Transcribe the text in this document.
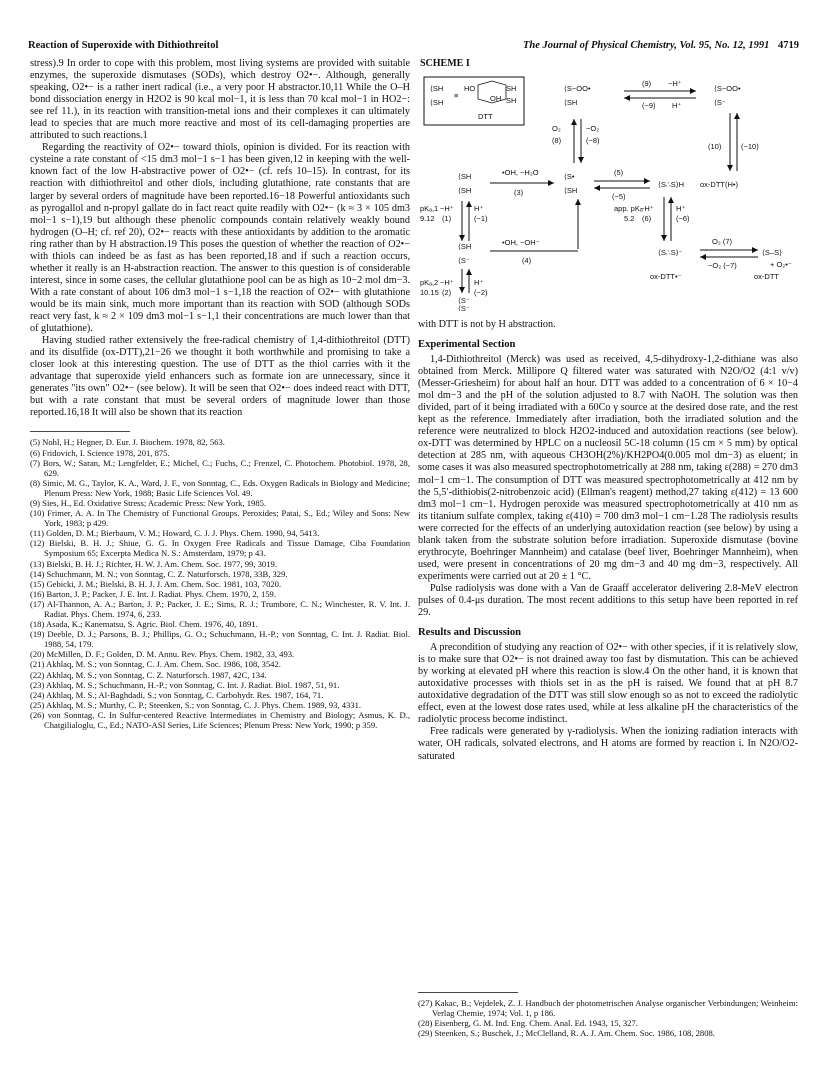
Reaction of Superoxide with Dithiothreitol	The Journal of Physical Chemistry, Vol. 95, No. 12, 1991 4719

stress).9 In order to cope with this problem, most living systems are provided with suitable enzymes, the superoxide dismutases (SODs), which destroy O2•−. Although, generally speaking, O2•− is a rather inert radical (i.e., a very poor H abstractor.10,11 While the O–H bond dissociation energy in H2O2 is 90 kcal mol−1, it is less than 70 kcal mol−1 in HO2−: see ref 11.), in its reaction with transition-metal ions and their complexes it can ultimately lead to species that are much more reactive and most of its cell-damaging properties are attributed to such reactions.1

Regarding the reactivity of O2•− toward thiols, opinion is divided. For its reaction with cysteine a rate constant of <15 dm3 mol−1 s−1 has been given,12 in keeping with the well-known fact of the low H-abstractive power of O2•− (cf. refs 10–15). In contrast, for its reaction with dithiothreitol and other diols, including glutathione, rate constants that are larger by several orders of magnitude have been reported.16−18 Powerful antioxidants such as pyrogallol and n-propyl gallate do in fact react quite readily with O2•− (k ≈ 3 × 105 dm3 mol−1 s−1),19 but although these phenolic compounds contain relatively weakly bound hydrogen (O–H; cf. ref 20), O2•− reacts with these antioxidants by addition to the aromatic ring rather than by H abstraction.19 This poses the question of whether the reaction of O2•− with thiols can indeed be as fast as has been reported,18 and if such a reaction occurs, whether it really is an H-abstraction reaction. The answer to this question is of considerable interest, since in some cases, the cellular glutathione pool can be as high as 10−2 mol dm−3. With a rate constant of about 106 dm3 mol−1 s−1,18 the reaction of O2•− with glutathione would be its main sink, much more important than its reaction with SOD (although SODs react very fast, k ≈ 2 × 109 dm3 mol−1 s−1,1 their concentrations are much lower than that of glutathione).

Having studied rather extensively the free-radical chemistry of 1,4-dithiothreitol (DTT) and its disulfide (ox-DTT),21−26 we thought it both worthwhile and promising to take a closer look at this interesting question. The use of DTT as the thiol carries with it the advantage that superoxide yield enhancers such as formate ion are unnecessary, since it generates "its own" O2•− (see below). It will be seen that O2•− does indeed react with DTT, but with a rate constant that must be several orders of magnitude lower than those reported.16,18 It will also be shown that its reaction

(5) Nohl, H.; Hegner, D. Eur. J. Biochem. 1978, 82, 563.
(6) Fridovich, I. Science 1978, 201, 875.
(7) Bors, W.; Saran, M.; Lengfelder, E.; Michel, C.; Fuchs, C.; Frenzel, C. Photochem. Photobiol. 1978, 28, 629.
(8) Simic, M. G., Taylor, K. A., Ward, J. F., von Sonntag, C., Eds. Oxygen Radicals in Biology and Medicine; Plenum Press: New York, 1988; Basic Life Sciences Vol. 49.
(9) Sies, H., Ed. Oxidative Stress; Academic Press: New York, 1985.
(10) Frimer, A. A. In The Chemistry of Functional Groups. Peroxides; Patai, S., Ed.; Wiley and Sons: New York, 1983; p 429.
(11) Golden, D. M.; Bierbaum, V. M.; Howard, C. J. J. Phys. Chem. 1990, 94, 5413.
(12) Bielski, B. H. J.; Shiue, G. G. In Oxygen Free Radicals and Tissue Damage, Ciba Foundation Symposium 65; Excerpta Medica N. S.: Amsterdam, 1979; p 43.
(13) Bielski, B. H. J.; Richter, H. W. J. Am. Chem. Soc. 1977, 99, 3019.
(14) Schuchmann, M. N.; von Sonntag, C. Z. Naturforsch. 1978, 33B, 329.
(15) Gebicki, J. M.; Bielski, B. H. J. J. Am. Chem. Soc. 1981, 103, 7020.
(16) Barton, J. P.; Packer, J. E. Int. J. Radiat. Phys. Chem. 1970, 2, 159.
(17) Al-Thannon, A. A.; Barton, J. P.; Packer, J. E.; Sims, R. J.; Trumbore, C. N.; Winchester, R. V. Int. J. Radiat. Phys. Chem. 1974, 6, 233.
(18) Asada, K.; Kanematsu, S. Agric. Biol. Chem. 1976, 40, 1891.
(19) Deeble, D. J.; Parsons, B. J.; Phillips, G. O.; Schuchmann, H.-P.; von Sonntag, C. Int. J. Radiat. Biol. 1988, 54, 179.
(20) McMillen, D. F.; Golden, D. M. Annu. Rev. Phys. Chem. 1982, 33, 493.
(21) Akhlaq, M. S.; von Sonntag, C. J. Am. Chem. Soc. 1986, 108, 3542.
(22) Akhlaq, M. S.; von Sonntag, C. Z. Naturforsch. 1987, 42C, 134.
(23) Akhlaq, M. S.; Schuchmann, H.-P.; von Sonntag, C. Int. J. Radiat. Biol. 1987, 51, 91.
(24) Akhlaq, M. S.; Al-Baghdadi, S.; von Sonntag, C. Carbohydr. Res. 1987, 164, 71.
(25) Akhlaq, M. S.; Murthy, C. P.; Steenken, S.; von Sonntag, C. J. Phys. Chem. 1989, 93, 4331.
(26) von Sonntag, C. In Sulfur-centered Reactive Intermediates in Chemistry and Biology; Asmus, K. D., Chatgilialoglu, C., Ed.; NATO-ASI Series, Life Sciences; Plenum Press: New York, 1990; p 359.
SCHEME I
⟨SH
⟨SH
≡
HO	SH
OH SH
DTT
⟨S−OO•
⟨SH
(9) −H⁺
(−9) H⁺
⟨S−OO•
⟨S⁻
O₂
(8)
−O₂
(−8)
(10)	(−10)
⟨SH
⟨SH
•OH, −H₂O
(3)
⟨S•
⟨SH
(5)
(−5)
⟨S∴S⟩H ox-DTT(H•)
pKₐ,1
9.12
−H⁺
(1)
H⁺
(−1)
app. pKₐ
5.2
−H⁺
(6)
H⁺
(−6)
⟨SH
⟨S⁻
•OH, −OH⁻
(4)
⟨S∴S⟩⁻
O₂ (7)
−O₂ (−7)
⟨S–S⟩
+ O₂•⁻
ox-DTT•⁻	ox-DTT
pKₐ,2
10.15
−H⁺
(2)
H⁺
(−2)
⟨S⁻
⟨S⁻

with DTT is not by H abstraction.

Experimental Section

1,4-Dithiothreitol (Merck) was used as received, 4,5-dihydroxy-1,2-dithiane was also obtained from Merck. Millipore Q filtered water was saturated with N2O/O2 (4:1 v/v) (Messer-Griesheim) for about half an hour. DTT was added to a concentration of 6 × 10−4 mol dm−3 and the pH of the solution adjusted to 8.7 with NaOH. The solution was then divided, part of it being irradiated with a 60Co γ source at the desired dose rate, and the rest kept as the reference. Immediately after irradiation, both the irradiated solution and the reference were neutralized to block H2O2-induced and autoxidation reactions (see below). ox-DTT was determined by HPLC on a nucleosil 5C-18 column (15 cm × 5 mm) by optical detection at 285 nm, with aqueous CH3OH(2%)/KH2PO4(0.005 mol dm−3) as eluent; in some cases it was also measured spectrophotometrically at 288 nm, taking ε(288) = 270 dm3 mol−1 cm−1. The consumption of DTT was measured spectrophotometrically at 412 nm by the 5,5′-dithiobis(2-nitrobenzoic acid) (Ellman's reagent) method,27 taking ε(412) = 13 600 dm3 mol−1 cm−1. Hydrogen peroxide was measured spectrophotometrically at 410 nm as its titanium sulfate complex, taking ε(410) = 700 dm3 mol−1 cm−1.28 The radiolysis results were corrected for the effects of an underlying autoxidation reaction (see below) by using a blank taken from the substrate solution before irradiation. Superoxide dismutase (bovine erythrocyte, Boehringer Mannheim) and catalase (beef liver, Boehringer Mannheim), when used, were present in concentrations of 20 mg dm−3 and 40 mg dm−3, respectively. All experiments were carried out at 20 ± 1 °C.

Pulse radiolysis was done with a Van de Graaff accelerator delivering 2.8-MeV electron pulses of 0.4-μs duration. The most recent additions to this setup have been reported in ref 29.

Results and Discussion

A precondition of studying any reaction of O2•− with other species, if it is relatively slow, is to make sure that O2•− is not drained away too fast by dismutation. This can be achieved by working at elevated pH where this reaction is slow.4 On the other hand, it is known that autoxidative processes with thiols set in as the pH is raised. We found that at pH 8.7 autoxidative degradation of the DTT was still slow enough so as not to exceed the radiolytic effect, even at the lowest dose rates used, while at less alkaline pH the characteristics of the radiolytic process become indistinct.

Free radicals were generated by γ-radiolysis. When the ionizing radiation interacts with water, OH radicals, solvated electrons, and H atoms are formed by reaction i. In N2O/O2-saturated

(27) Kakac, B.; Vejdelek, Z. J. Handbuch der photometrischen Analyse organischer Verbindungen; Weinheim: Verlag Chemie, 1974; Vol. 1, p 186.
(28) Eisenberg, G. M. Ind. Eng. Chem. Anal. Ed. 1943, 15, 327.
(29) Steenken, S.; Buschek, J.; McClelland, R. A. J. Am. Chem. Soc. 1986, 108, 2808.
